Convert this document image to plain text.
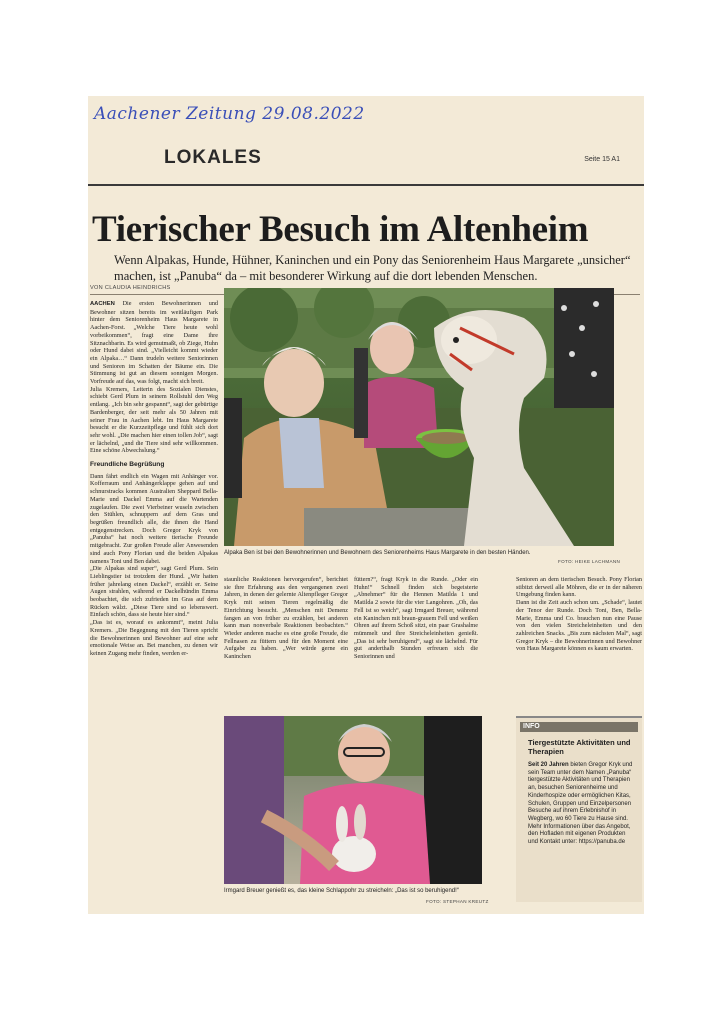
Aachener Zeitung 29.08.2022
LOKALES	Seite 15 A1
Tierischer Besuch im Altenheim
Wenn Alpakas, Hunde, Hühner, Kaninchen und ein Pony das Seniorenheim Haus Margarete „unsicher“ machen, ist „Panuba“ da – mit besonderer Wirkung auf die dort lebenden Menschen.
VON CLAUDIA HEINDRICHS

AACHEN Die ersten Bewohnerinnen und Bewohner sitzen bereits im weitläufigen Park hinter dem Seniorenheim Haus Margarete in Aachen-Forst. „Welche Tiere heute wohl vorbeikommen“, fragt eine Dame ihre Sitznachbarin. Es wird gemutmaßt, ob Ziege, Huhn oder Hund dabei sind. „Vielleicht kommt wieder ein Alpaka…“ Dann trudeln weitere Seniorinnen und Senioren im Schatten der Bäume ein. Die Stimmung ist gut an diesem sonnigen Morgen. Vorfreude auf das, was folgt, macht sich breit.

Julia Kremers, Leiterin des Sozialen Dienstes, schiebt Gerd Plum in seinem Rollstuhl den Weg entlang. „Ich bin sehr gespannt“, sagt der gebürtige Bardenberger, der seit mehr als 50 Jahren mit seiner Frau in Aachen lebt. Im Haus Margarete besucht er die Kurzzeitpflege und fühlt sich dort sehr wohl. „Die machen hier einen tollen Job“, sagt er lächelnd, „und die Tiere sind sehr willkommen. Eine schöne Abwechslung.“

Freundliche Begrüßung

Dann fährt endlich ein Wagen mit Anhänger vor. Kofferraum und Anhängerklappe gehen auf und schnurstracks kommen Australien Sheppard Bella-Marie und Dackel Emma auf die Wartenden zugelaufen. Die zwei Vierbeiner wuseln zwischen den Stühlen, schnuppern auf dem Gras und begrüßen freundlich alle, die ihnen die Hand entgegenstrecken. Doch Gregor Kryk von „Panuba“ hat noch weitere tierische Freunde mitgebracht. Zur großen Freude aller Anwesenden sind auch Pony Florian und die beiden Alpakas namens Toni und Ben dabei.

„Die Alpakas sind super“, sagt Gerd Plum. Sein Lieblingstier ist trotzdem der Hund. „Wir hatten früher jahrelang einen Dackel“, erzählt er. Seine Augen strahlen, während er Dackelhündin Emma beobachtet, die sich zufrieden im Gras auf dem Rücken wälzt. „Diese Tiere sind so lebenswert. Einfach schön, dass sie heute hier sind.“

„Das ist es, worauf es ankommt“, meint Julia Kremers. „Die Begegnung mit den Tieren spricht die Bewohnerinnen und Bewohner auf eine sehr emotionale Weise an. Bei manchen, zu denen wir keinen Zugang mehr finden, werden er-

Alpaka Ben ist bei den Bewohnerinnen und Bewohnern des Seniorenheims Haus Margarete in den besten Händen.
FOTO: HEIKE LACHMANN

staunliche Reaktionen hervorgerufen“, berichtet sie ihre Erfahrung aus den vergangenen zwei Jahren, in denen der gelernte Altenpfleger Gregor Kryk mit seinen Tieren regelmäßig die Einrichtung besucht. „Menschen mit Demenz fangen an von früher zu erzählen, bei anderen kann man nonverbale Reaktionen beobachten.“ Wieder anderen mache es eine große Freude, die Fellnasen zu füttern und für den Moment eine Aufgabe zu haben. „Wer würde gerne ein Kaninchen

füttern?“, fragt Kryk in die Runde. „Oder ein Huhn!“ Schnell finden sich begeisterte „Abnehmer“ für die Hennen Matilda 1 und Matilda 2 sowie für die vier Langohren. „Oh, das Fell ist so weich“, sagt Irmgard Breuer, während ein Kaninchen mit braun-grauem Fell und weißen Ohren auf ihrem Schoß sitzt, ein paar Grashalme mümmelt und ihre Streicheleinheiten genießt. „Das ist sehr beruhigend“, sagt sie lächelnd. Für gut anderthalb Stunden erfreuen sich die Seniorinnen und

Senioren an dem tierischen Besuch. Pony Florian stibitzt derweil alle Möhren, die er in der näheren Umgebung finden kann.

Dann ist die Zeit auch schon um. „Schade“, lautet der Tenor der Runde. Doch Toni, Ben, Bella-Marie, Emma und Co. brauchen nun eine Pause von den vielen Streicheleinheiten und den zahlreichen Snacks. „Bis zum nächsten Mal“, sagt Gregor Kryk – die Bewohnerinnen und Bewohner von Haus Margarete können es kaum erwarten.

Irmgard Breuer genießt es, das kleine Schlappohr zu streicheln: „Das ist so beruhigend!“
FOTO: STEPHAN KREUTZ
INFO
Tiergestützte Aktivitäten und Therapien
Seit 20 Jahren bieten Gregor Kryk und sein Team unter dem Namen „Panuba“ tiergestützte Aktivitäten und Therapien an, besuchen Seniorenheime und Kinderhospize oder ermöglichen Kitas, Schulen, Gruppen und Einzelpersonen Besuche auf ihrem Erlebnishof in Wegberg, wo 60 Tiere zu Hause sind. Mehr Informationen über das Angebot, den Hofladen mit eigenen Produkten und Kontakt unter: https://panuba.de
